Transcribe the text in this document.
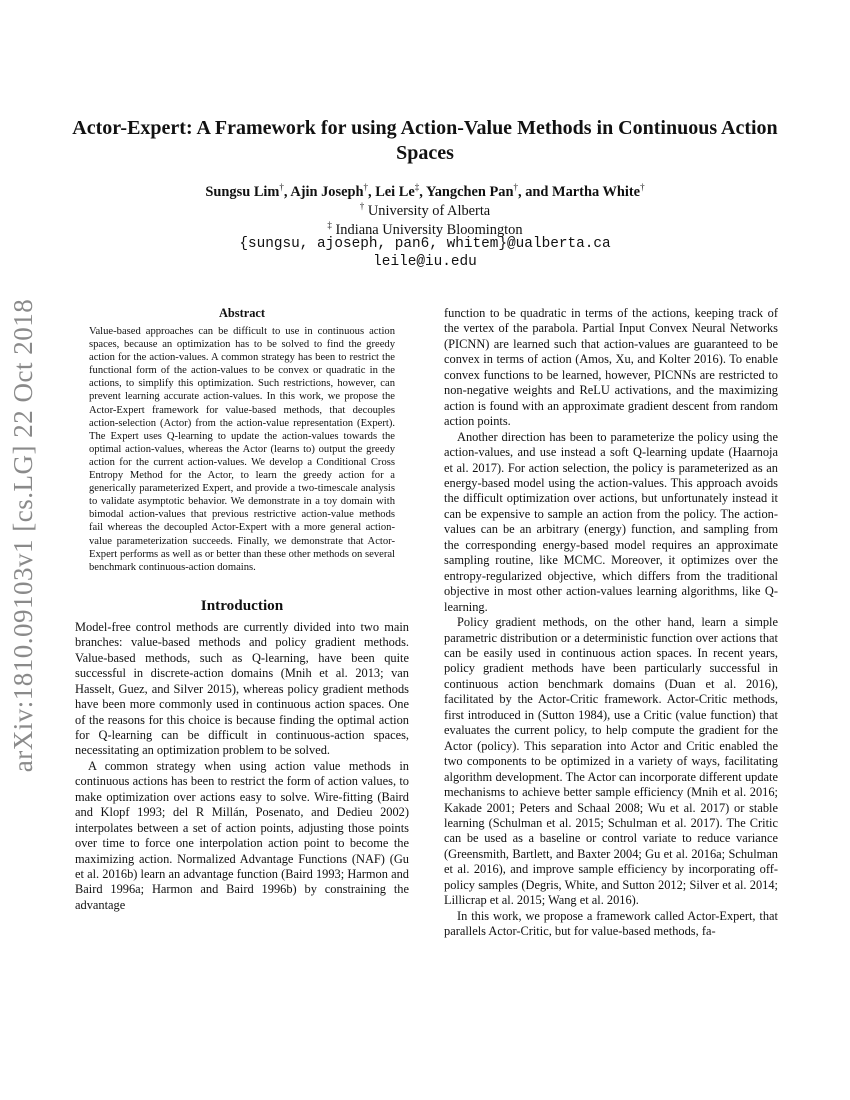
arXiv:1810.09103v1 [cs.LG] 22 Oct 2018
Actor-Expert: A Framework for using Action-Value Methods in Continuous Action Spaces
Sungsu Lim†, Ajin Joseph†, Lei Le‡, Yangchen Pan†, and Martha White†
† University of Alberta
‡ Indiana University Bloomington
{sungsu, ajoseph, pan6, whitem}@ualberta.ca
leile@iu.edu
Abstract

Value-based approaches can be difficult to use in continuous action spaces, because an optimization has to be solved to find the greedy action for the action-values. A common strategy has been to restrict the functional form of the action-values to be convex or quadratic in the actions, to simplify this optimization. Such restrictions, however, can prevent learning accurate action-values. In this work, we propose the Actor-Expert framework for value-based methods, that decouples action-selection (Actor) from the action-value representation (Expert). The Expert uses Q-learning to update the action-values towards the optimal action-values, whereas the Actor (learns to) output the greedy action for the current action-values. We develop a Conditional Cross Entropy Method for the Actor, to learn the greedy action for a generically parameterized Expert, and provide a two-timescale analysis to validate asymptotic behavior. We demonstrate in a toy domain with bimodal action-values that previous restrictive action-value methods fail whereas the decoupled Actor-Expert with a more general action-value parameterization succeeds. Finally, we demonstrate that Actor-Expert performs as well as or better than these other methods on several benchmark continuous-action domains.

Introduction

Model-free control methods are currently divided into two main branches: value-based methods and policy gradient methods. Value-based methods, such as Q-learning, have been quite successful in discrete-action domains (Mnih et al. 2013; van Hasselt, Guez, and Silver 2015), whereas policy gradient methods have been more commonly used in continuous action spaces. One of the reasons for this choice is because finding the optimal action for Q-learning can be difficult in continuous-action spaces, necessitating an optimization problem to be solved.

A common strategy when using action value methods in continuous actions has been to restrict the form of action values, to make optimization over actions easy to solve. Wire-fitting (Baird and Klopf 1993; del R Millán, Posenato, and Dedieu 2002) interpolates between a set of action points, adjusting those points over time to force one interpolation action point to become the maximizing action. Normalized Advantage Functions (NAF) (Gu et al. 2016b) learn an advantage function (Baird 1993; Harmon and Baird 1996a; Harmon and Baird 1996b) by constraining the advantage

function to be quadratic in terms of the actions, keeping track of the vertex of the parabola. Partial Input Convex Neural Networks (PICNN) are learned such that action-values are guaranteed to be convex in terms of action (Amos, Xu, and Kolter 2016). To enable convex functions to be learned, however, PICNNs are restricted to non-negative weights and ReLU activations, and the maximizing action is found with an approximate gradient descent from random action points.

Another direction has been to parameterize the policy using the action-values, and use instead a soft Q-learning update (Haarnoja et al. 2017). For action selection, the policy is parameterized as an energy-based model using the action-values. This approach avoids the difficult optimization over actions, but unfortunately instead it can be expensive to sample an action from the policy. The action-values can be an arbitrary (energy) function, and sampling from the corresponding energy-based model requires an approximate sampling routine, like MCMC. Moreover, it optimizes over the entropy-regularized objective, which differs from the traditional objective in most other action-values learning algorithms, like Q-learning.

Policy gradient methods, on the other hand, learn a simple parametric distribution or a deterministic function over actions that can be easily used in continuous action spaces. In recent years, policy gradient methods have been particularly successful in continuous action benchmark domains (Duan et al. 2016), facilitated by the Actor-Critic framework. Actor-Critic methods, first introduced in (Sutton 1984), use a Critic (value function) that evaluates the current policy, to help compute the gradient for the Actor (policy). This separation into Actor and Critic enabled the two components to be optimized in a variety of ways, facilitating algorithm development. The Actor can incorporate different update mechanisms to achieve better sample efficiency (Mnih et al. 2016; Kakade 2001; Peters and Schaal 2008; Wu et al. 2017) or stable learning (Schulman et al. 2015; Schulman et al. 2017). The Critic can be used as a baseline or control variate to reduce variance (Greensmith, Bartlett, and Baxter 2004; Gu et al. 2016a; Schulman et al. 2016), and improve sample efficiency by incorporating off-policy samples (Degris, White, and Sutton 2012; Silver et al. 2014; Lillicrap et al. 2015; Wang et al. 2016).

In this work, we propose a framework called Actor-Expert, that parallels Actor-Critic, but for value-based methods, fa-
